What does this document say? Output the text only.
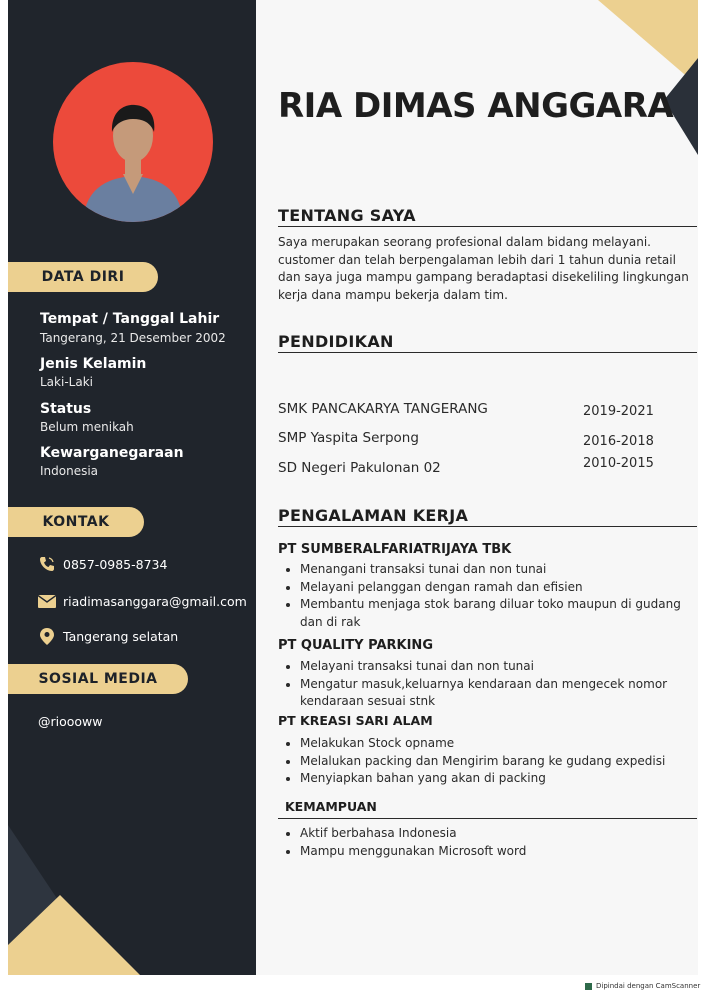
DATA DIRI
Tempat / Tanggal Lahir
Tangerang, 21 Desember 2002
Jenis Kelamin
Laki-Laki
Status
Belum menikah
Kewarganegaraan
Indonesia
KONTAK
0857-0985-8734
riadimasanggara@gmail.com
Tangerang selatan
SOSIAL MEDIA
@rioooww
RIA DIMAS ANGGARA
TENTANG SAYA
Saya merupakan seorang profesional dalam bidang melayani. customer dan telah berpengalaman lebih dari 1 tahun dunia retail dan saya juga mampu gampang beradaptasi disekeliling lingkungan kerja dana mampu bekerja dalam tim.
PENDIDIKAN
SMK PANCAKARYA TANGERANG	2019-2021
SMP Yaspita Serpong	2016-2018
SD Negeri Pakulonan 02	2010-2015
PENGALAMAN KERJA
PT SUMBERALFARIATRIJAYA TBK
• Menangani transaksi tunai dan non tunai
• Melayani pelanggan dengan ramah dan efisien
• Membantu menjaga stok barang diluar toko maupun di gudang dan di rak
PT QUALITY PARKING
• Melayani transaksi tunai dan non tunai
• Mengatur masuk,keluarnya kendaraan dan mengecek nomor kendaraan sesuai stnk
PT KREASI SARI ALAM
• Melakukan Stock opname
• Melalukan packing dan Mengirim barang ke gudang expedisi
• Menyiapkan bahan yang akan di packing
KEMAMPUAN
• Aktif berbahasa Indonesia
• Mampu menggunakan Microsoft word
Dipindai dengan CamScanner
